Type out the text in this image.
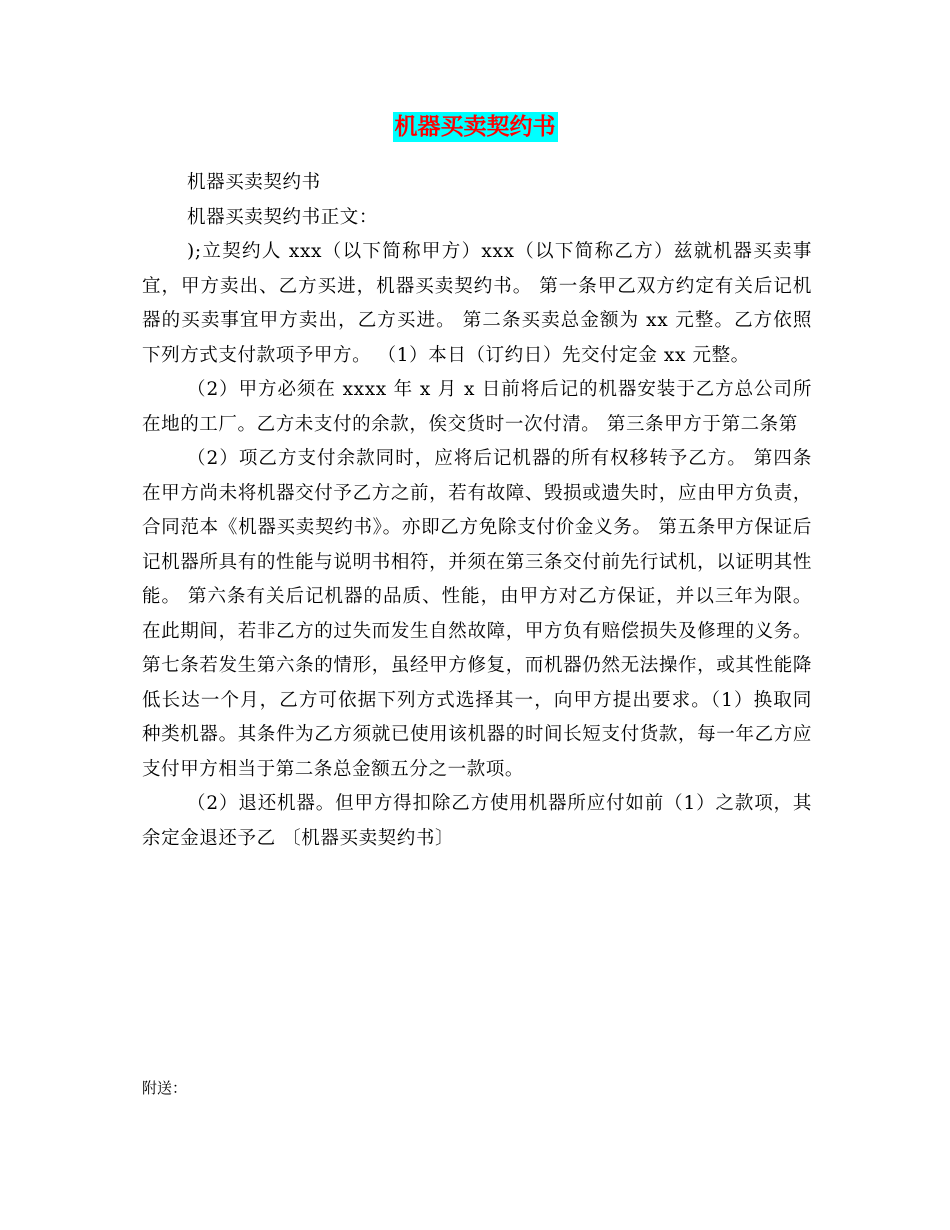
机器买卖契约书

机器买卖契约书

机器买卖契约书正文：

);立契约人 xxx（以下简称甲方）xxx（以下简称乙方）兹就机器买卖事宜，甲方卖出、乙方买进，机器买卖契约书。 第一条甲乙双方约定有关后记机器的买卖事宜甲方卖出，乙方买进。 第二条买卖总金额为 xx 元整。乙方依照下列方式支付款项予甲方。 （1）本日（订约日）先交付定金 xx 元整。

（2）甲方必须在 xxxx 年 x 月 x 日前将后记的机器安装于乙方总公司所在地的工厂。乙方未支付的余款，俟交货时一次付清。 第三条甲方于第二条第

（2）项乙方支付余款同时，应将后记机器的所有权移转予乙方。 第四条在甲方尚未将机器交付予乙方之前，若有故障、毁损或遗失时，应由甲方负责，合同范本《机器买卖契约书》。亦即乙方免除支付价金义务。 第五条甲方保证后记机器所具有的性能与说明书相符，并须在第三条交付前先行试机，以证明其性能。 第六条有关后记机器的品质、性能，由甲方对乙方保证，并以三年为限。在此期间，若非乙方的过失而发生自然故障，甲方负有赔偿损失及修理的义务。 第七条若发生第六条的情形，虽经甲方修复，而机器仍然无法操作，或其性能降低长达一个月，乙方可依据下列方式选择其一，向甲方提出要求。（1）换取同种类机器。其条件为乙方须就已使用该机器的时间长短支付货款，每一年乙方应支付甲方相当于第二条总金额五分之一款项。

（2）退还机器。但甲方得扣除乙方使用机器所应付如前（1）之款项，其余定金退还予乙 〔机器买卖契约书〕

附送：
